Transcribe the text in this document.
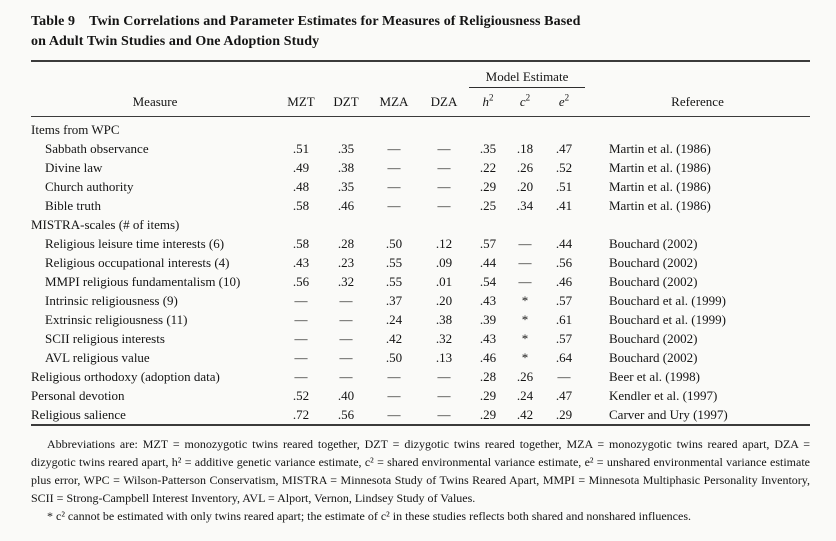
Table 9 Twin Correlations and Parameter Estimates for Measures of Religiousness Based
on Adult Twin Studies and One Adoption Study
					Model Estimate			
Measure	MZT	DZT	MZA	DZA	$h^2$	$c^2$	$e^2$	Reference
Items from WPC								
Sabbath observance	.51	.35	—	—	.35	.18	.47	Martin et al. (1986)
Divine law	.49	.38	—	—	.22	.26	.52	Martin et al. (1986)
Church authority	.48	.35	—	—	.29	.20	.51	Martin et al. (1986)
Bible truth	.58	.46	—	—	.25	.34	.41	Martin et al. (1986)
MISTRA-scales (# of items)								
Religious leisure time interests (6)	.58	.28	.50	.12	.57	—	.44	Bouchard (2002)
Religious occupational interests (4)	.43	.23	.55	.09	.44	—	.56	Bouchard (2002)
MMPI religious fundamentalism (10)	.56	.32	.55	.01	.54	—	.46	Bouchard (2002)
Intrinsic religiousness (9)	—	—	.37	.20	.43	*	.57	Bouchard et al. (1999)
Extrinsic religiousness (11)	—	—	.24	.38	.39	*	.61	Bouchard et al. (1999)
SCII religious interests	—	—	.42	.32	.43	*	.57	Bouchard (2002)
AVL religious value	—	—	.50	.13	.46	*	.64	Bouchard (2002)
Religious orthodoxy (adoption data)	—	—	—	—	.28	.26	—	Beer et al. (1998)
Personal devotion	.52	.40	—	—	.29	.24	.47	Kendler et al. (1997)
Religious salience	.72	.56	—	—	.29	.42	.29	Carver and Ury (1997)

Abbreviations are: MZT = monozygotic twins reared together, DZT = dizygotic twins reared together, MZA = monozygotic twins reared apart, DZA = dizygotic twins reared apart, h² = additive genetic variance estimate, c² = shared environmental variance estimate, e² = unshared environmental variance estimate plus error, WPC = Wilson-Patterson Conservatism, MISTRA = Minnesota Study of Twins Reared Apart, MMPI = Minnesota Multiphasic Personality Inventory, SCII = Strong-Campbell Interest Inventory, AVL = Alport, Vernon, Lindsey Study of Values.

* c² cannot be estimated with only twins reared apart; the estimate of c² in these studies reflects both shared and nonshared influences.
